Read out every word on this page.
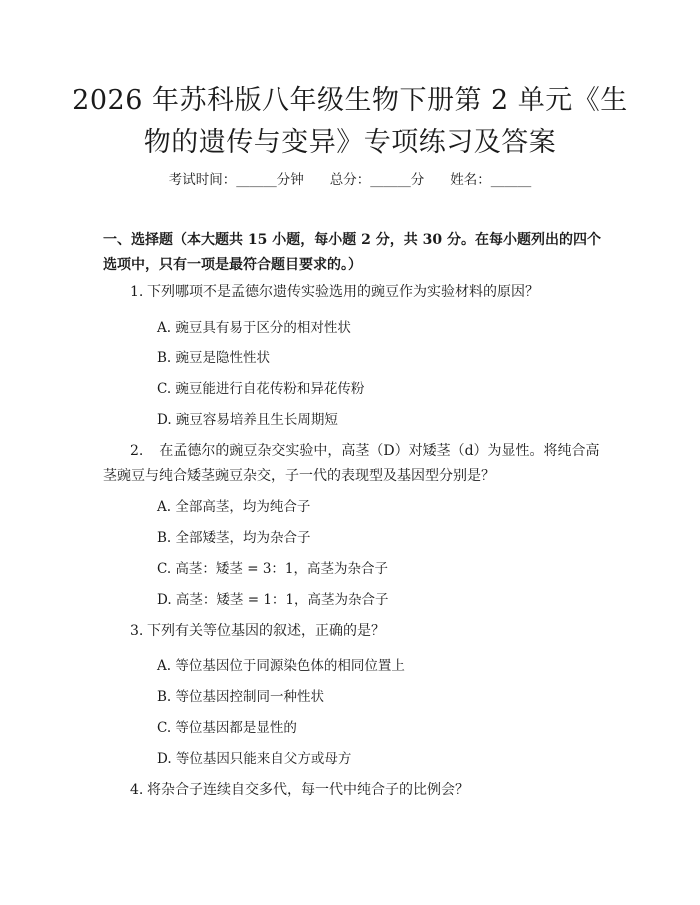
2026 年苏科版八年级生物下册第 2 单元《生
物的遗传与变异》专项练习及答案
考试时间：______分钟 总分：______分 姓名：______
一、选择题（本大题共 15 小题，每小题 2 分，共 30 分。在每小题列出的四个选项中，只有一项是最符合题目要求的。）
1. 下列哪项不是孟德尔遗传实验选用的豌豆作为实验材料的原因？
A. 豌豆具有易于区分的相对性状
B. 豌豆是隐性性状
C. 豌豆能进行自花传粉和异花传粉
D. 豌豆容易培养且生长周期短
2. 在孟德尔的豌豆杂交实验中，高茎（D）对矮茎（d）为显性。将纯合高茎豌豆与纯合矮茎豌豆杂交，子一代的表现型及基因型分别是？
A. 全部高茎，均为纯合子
B. 全部矮茎，均为杂合子
C. 高茎：矮茎 = 3：1，高茎为杂合子
D. 高茎：矮茎 = 1：1，高茎为杂合子
3. 下列有关等位基因的叙述，正确的是？
A. 等位基因位于同源染色体的相同位置上
B. 等位基因控制同一种性状
C. 等位基因都是显性的
D. 等位基因只能来自父方或母方
4. 将杂合子连续自交多代，每一代中纯合子的比例会？
